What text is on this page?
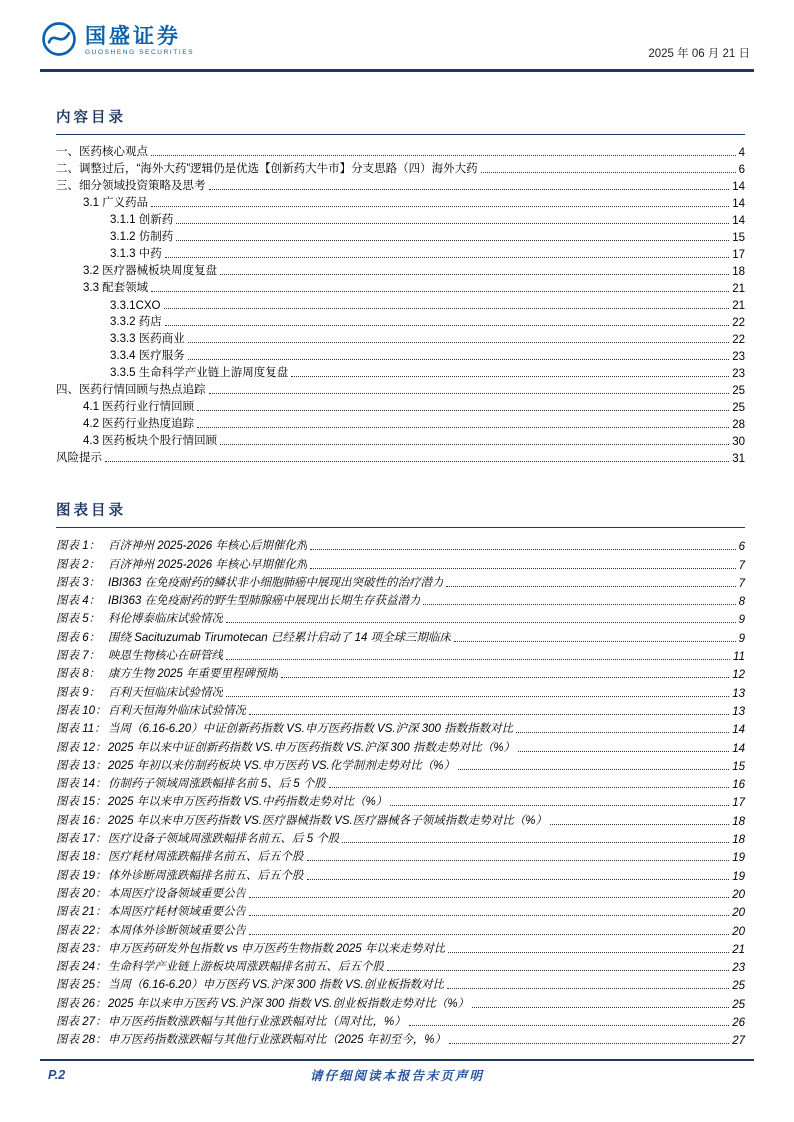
国盛证券
GUOSHENG SECURITIES	2025 年 06 月 21 日
内容目录
一、医药核心观点	4
二、调整过后，“海外大药”逻辑仍是优选【创新药大牛市】分支思路（四）海外大药	6
三、细分领域投资策略及思考	14
3.1 广义药品	14
3.1.1 创新药	14
3.1.2 仿制药	15
3.1.3 中药	17
3.2 医疗器械板块周度复盘	18
3.3 配套领域	21
3.3.1CXO	21
3.3.2 药店	22
3.3.3 医药商业	22
3.3.4 医疗服务	23
3.3.5 生命科学产业链上游周度复盘	23
四、医药行情回顾与热点追踪	25
4.1 医药行业行情回顾	25
4.2 医药行业热度追踪	28
4.3 医药板块个股行情回顾	30
风险提示	31
图表目录
图表 1： 百济神州 2025-2026 年核心后期催化剂	6
图表 2： 百济神州 2025-2026 年核心早期催化剂	7
图表 3： IBI363 在免疫耐药的鳞状非小细胞肺癌中展现出突破性的治疗潜力	7
图表 4： IBI363 在免疫耐药的野生型肺腺癌中展现出长期生存获益潜力	8
图表 5： 科伦博泰临床试验情况	9
图表 6： 围绕 Sacituzumab Tirumotecan 已经累计启动了 14 项全球三期临床	9
图表 7： 映恩生物核心在研管线	11
图表 8： 康方生物 2025 年重要里程碑预期	12
图表 9： 百利天恒临床试验情况	13
图表 10： 百利天恒海外临床试验情况	13
图表 11： 当周（6.16-6.20）中证创新药指数 VS.申万医药指数 VS.沪深 300 指数指数对比	14
图表 12： 2025 年以来中证创新药指数 VS.申万医药指数 VS.沪深 300 指数走势对比（%）	14
图表 13： 2025 年初以来仿制药板块 VS.申万医药 VS.化学制剂走势对比（%）	15
图表 14： 仿制药子领域周涨跌幅排名前 5、后 5 个股	16
图表 15： 2025 年以来申万医药指数 VS.中药指数走势对比（%）	17
图表 16： 2025 年以来申万医药指数 VS.医疗器械指数 VS.医疗器械各子领域指数走势对比（%）	18
图表 17： 医疗设备子领域周涨跌幅排名前五、后 5 个股	18
图表 18： 医疗耗材周涨跌幅排名前五、后五个股	19
图表 19： 体外诊断周涨跌幅排名前五、后五个股	19
图表 20： 本周医疗设备领域重要公告	20
图表 21： 本周医疗耗材领域重要公告	20
图表 22： 本周体外诊断领域重要公告	20
图表 23： 申万医药研发外包指数 vs 申万医药生物指数 2025 年以来走势对比	21
图表 24： 生命科学产业链上游板块周涨跌幅排名前五、后五个股	23
图表 25： 当周（6.16-6.20）申万医药 VS.沪深 300 指数 VS.创业板指数对比	25
图表 26： 2025 年以来申万医药 VS.沪深 300 指数 VS.创业板指数走势对比（%）	25
图表 27： 申万医药指数涨跌幅与其他行业涨跌幅对比（周对比，%）	26
图表 28： 申万医药指数涨跌幅与其他行业涨跌幅对比（2025 年初至今，%）	27
P.2	请仔细阅读本报告末页声明
